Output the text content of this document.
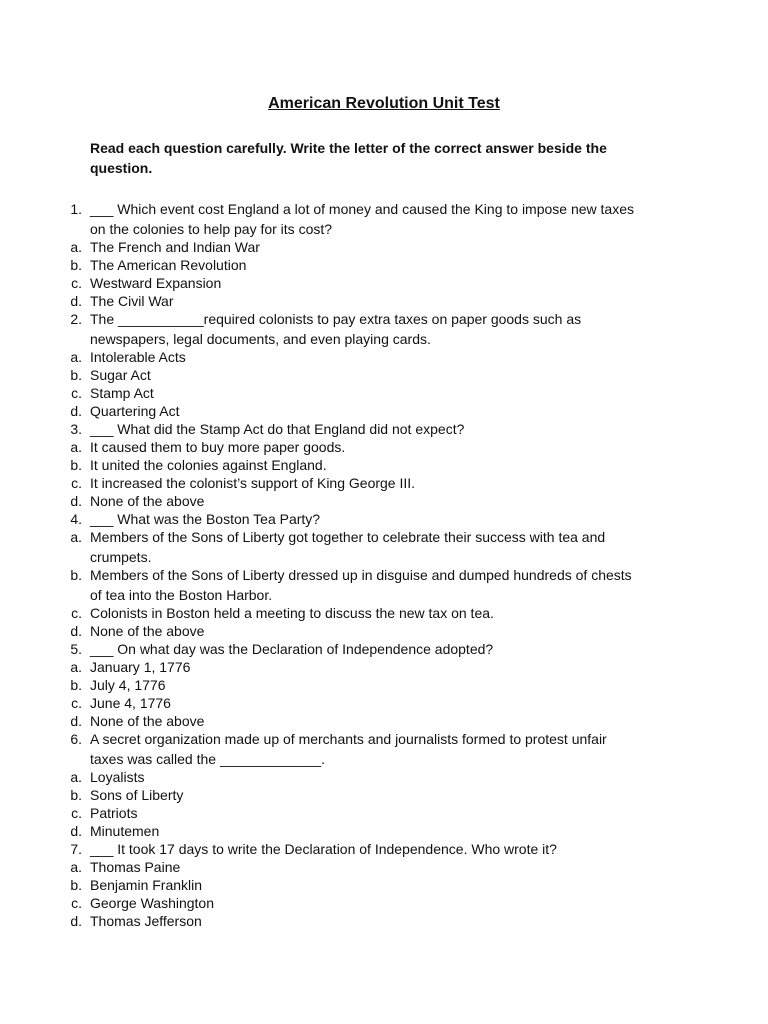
American Revolution Unit Test
Read each question carefully. Write the letter of the correct answer beside the question.
1. ___ Which event cost England a lot of money and caused the King to impose new taxes
on the colonies to help pay for its cost?
a. The French and Indian War
b. The American Revolution
c. Westward Expansion
d. The Civil War
2. The ___________required colonists to pay extra taxes on paper goods such as
newspapers, legal documents, and even playing cards.
a. Intolerable Acts
b. Sugar Act
c. Stamp Act
d. Quartering Act
3. ___ What did the Stamp Act do that England did not expect?
a. It caused them to buy more paper goods.
b. It united the colonies against England.
c. It increased the colonist’s support of King George III.
d. None of the above
4. ___ What was the Boston Tea Party?
a. Members of the Sons of Liberty got together to celebrate their success with tea and
crumpets.
b. Members of the Sons of Liberty dressed up in disguise and dumped hundreds of chests
of tea into the Boston Harbor.
c. Colonists in Boston held a meeting to discuss the new tax on tea.
d. None of the above
5. ___ On what day was the Declaration of Independence adopted?
a. January 1, 1776
b. July 4, 1776
c. June 4, 1776
d. None of the above
6. A secret organization made up of merchants and journalists formed to protest unfair
taxes was called the _____________.
a. Loyalists
b. Sons of Liberty
c. Patriots
d. Minutemen
7. ___ It took 17 days to write the Declaration of Independence. Who wrote it?
a. Thomas Paine
b. Benjamin Franklin
c. George Washington
d. Thomas Jefferson
